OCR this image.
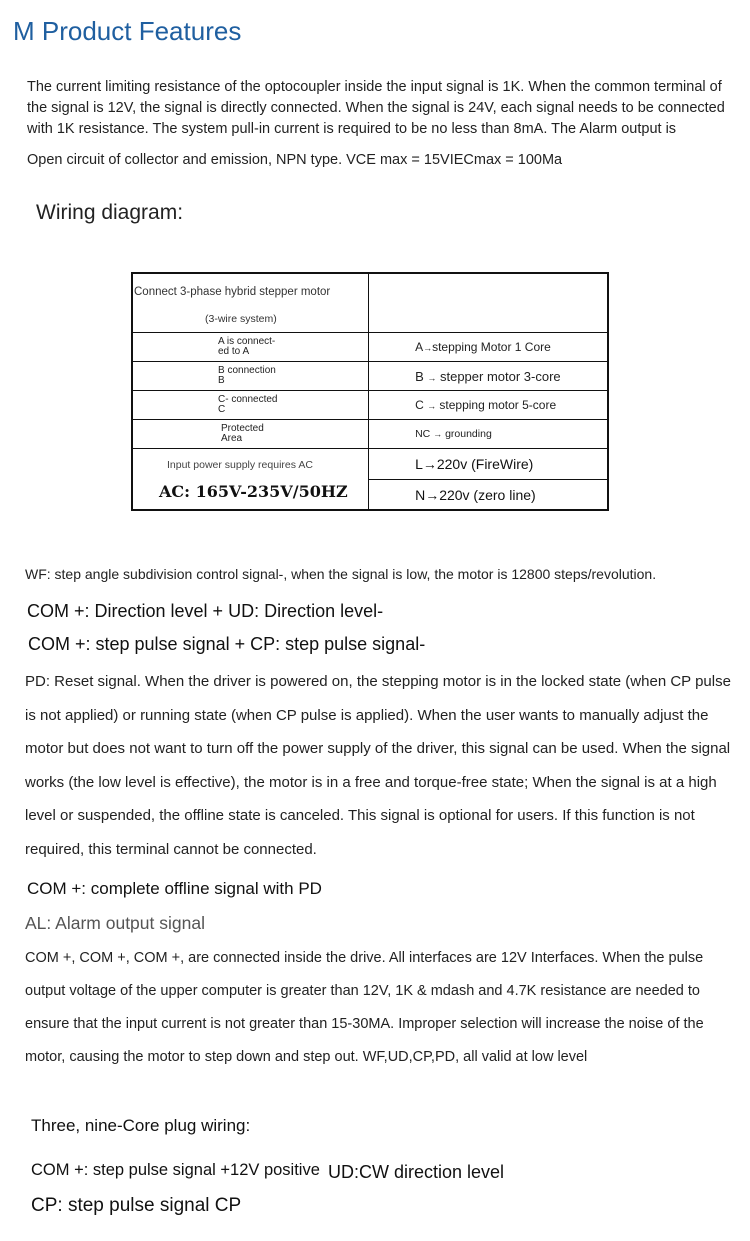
M Product Features
The current limiting resistance of the optocoupler inside the input signal is 1K. When the common terminal of the signal is 12V, the signal is directly connected. When the signal is 24V, each signal needs to be connected with 1K resistance. The system pull-in current is required to be no less than 8mA. The Alarm output is
Open circuit of collector and emission, NPN type. VCE max = 15VIECmax = 100Ma
Wiring diagram:
Connect 3-phase hybrid stepper motor
(3-wire system)	

A is connect-
ed to A	A→stepping Motor 1 Core

B connection
B	B → stepper motor 3-core

C- connected
C	C → stepping motor 5-core

Protected
Area	NC → grounding

Input power supply requires AC
AC: 165V-235V/50HZ	L→220v (FireWire)
	N→220v (zero line)
WF: step angle subdivision control signal-, when the signal is low, the motor is 12800 steps/revolution.
COM +: Direction level + UD: Direction level-
COM +: step pulse signal + CP: step pulse signal-
PD: Reset signal. When the driver is powered on, the stepping motor is in the locked state (when CP pulse is not applied) or running state (when CP pulse is applied). When the user wants to manually adjust the motor but does not want to turn off the power supply of the driver, this signal can be used. When the signal works (the low level is effective), the motor is in a free and torque-free state; When the signal is at a high level or suspended, the offline state is canceled. This signal is optional for users. If this function is not required, this terminal cannot be connected.
COM +: complete offline signal with PD
AL: Alarm output signal
COM +, COM +, COM +, are connected inside the drive. All interfaces are 12V Interfaces. When the pulse output voltage of the upper computer is greater than 12V, 1K & mdash and 4.7K resistance are needed to ensure that the input current is not greater than 15-30MA. Improper selection will increase the noise of the motor, causing the motor to step down and step out. WF,UD,CP,PD, all valid at low level
Three, nine-Core plug wiring:
COM +: step pulse signal +12V positive UD:CW direction level
CP: step pulse signal CP
